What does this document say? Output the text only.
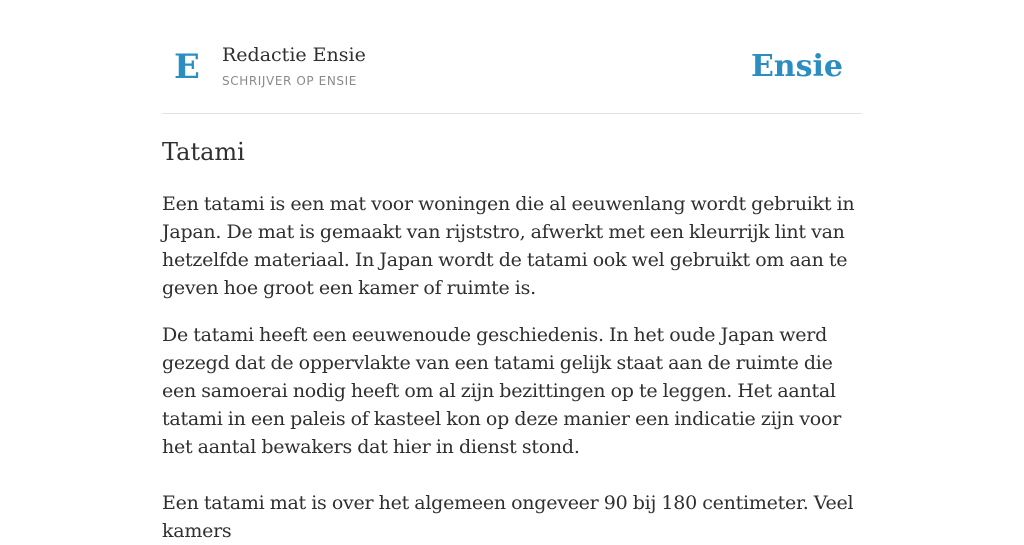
E Redactie Ensie
SCHRIJVER OP ENSIE	Ensie
Tatami

Een tatami is een mat voor woningen die al eeuwenlang wordt gebruikt in Japan. De mat is gemaakt van rijststro, afwerkt met een kleurrijk lint van hetzelfde materiaal. In Japan wordt de tatami ook wel gebruikt om aan te geven hoe groot een kamer of ruimte is.

De tatami heeft een eeuwenoude geschiedenis. In het oude Japan werd gezegd dat de oppervlakte van een tatami gelijk staat aan de ruimte die een samoerai nodig heeft om al zijn bezittingen op te leggen. Het aantal tatami in een paleis of kasteel kon op deze manier een indicatie zijn voor het aantal bewakers dat hier in dienst stond.

Een tatami mat is over het algemeen ongeveer 90 bij 180 centimeter. Veel kamers
